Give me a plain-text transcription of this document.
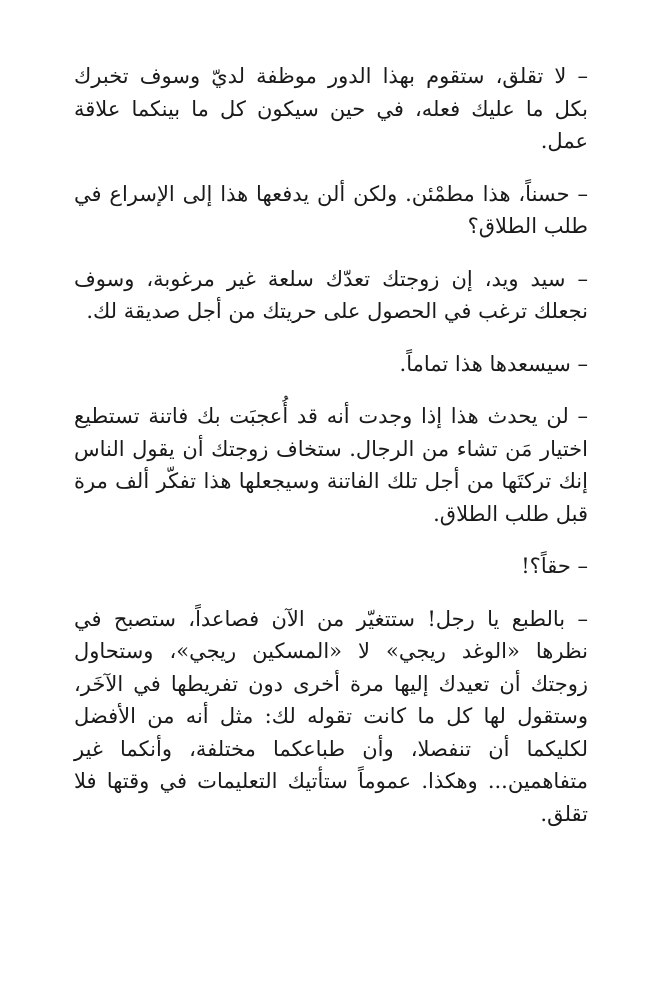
– لا تقلق، ستقوم بهذا الدور موظفة لديّ وسوف تخبرك بكل ما عليك فعله، في حين سيكون كل ما بينكما علاقة عمل.

– حسناً، هذا مطمْئن. ولكن ألن يدفعها هذا إلى الإسراع في طلب الطلاق؟

– سيد ويد، إن زوجتك تعدّك سلعة غير مرغوبة، وسوف نجعلك ترغب في الحصول على حريتك من أجل صديقة لك.

– سيسعدها هذا تماماً.

– لن يحدث هذا إذا وجدت أنه قد أُعجبَت بك فاتنة تستطيع اختيار مَن تشاء من الرجال. ستخاف زوجتك أن يقول الناس إنك تركتَها من أجل تلك الفاتنة وسيجعلها هذا تفكّر ألف مرة قبل طلب الطلاق.

– حقاً؟!

– بالطبع يا رجل! ستتغيّر من الآن فصاعداً، ستصبح في نظرها «الوغد ريجي» لا «المسكين ريجي»، وستحاول زوجتك أن تعيدك إليها مرة أخرى دون تفريطها في الآخَر، وستقول لها كل ما كانت تقوله لك: مثل أنه من الأفضل لكليكما أن تنفصلا، وأن طباعكما مختلفة، وأنكما غير متفاهمين... وهكذا. عموماً ستأتيك التعليمات في وقتها فلا تقلق.
